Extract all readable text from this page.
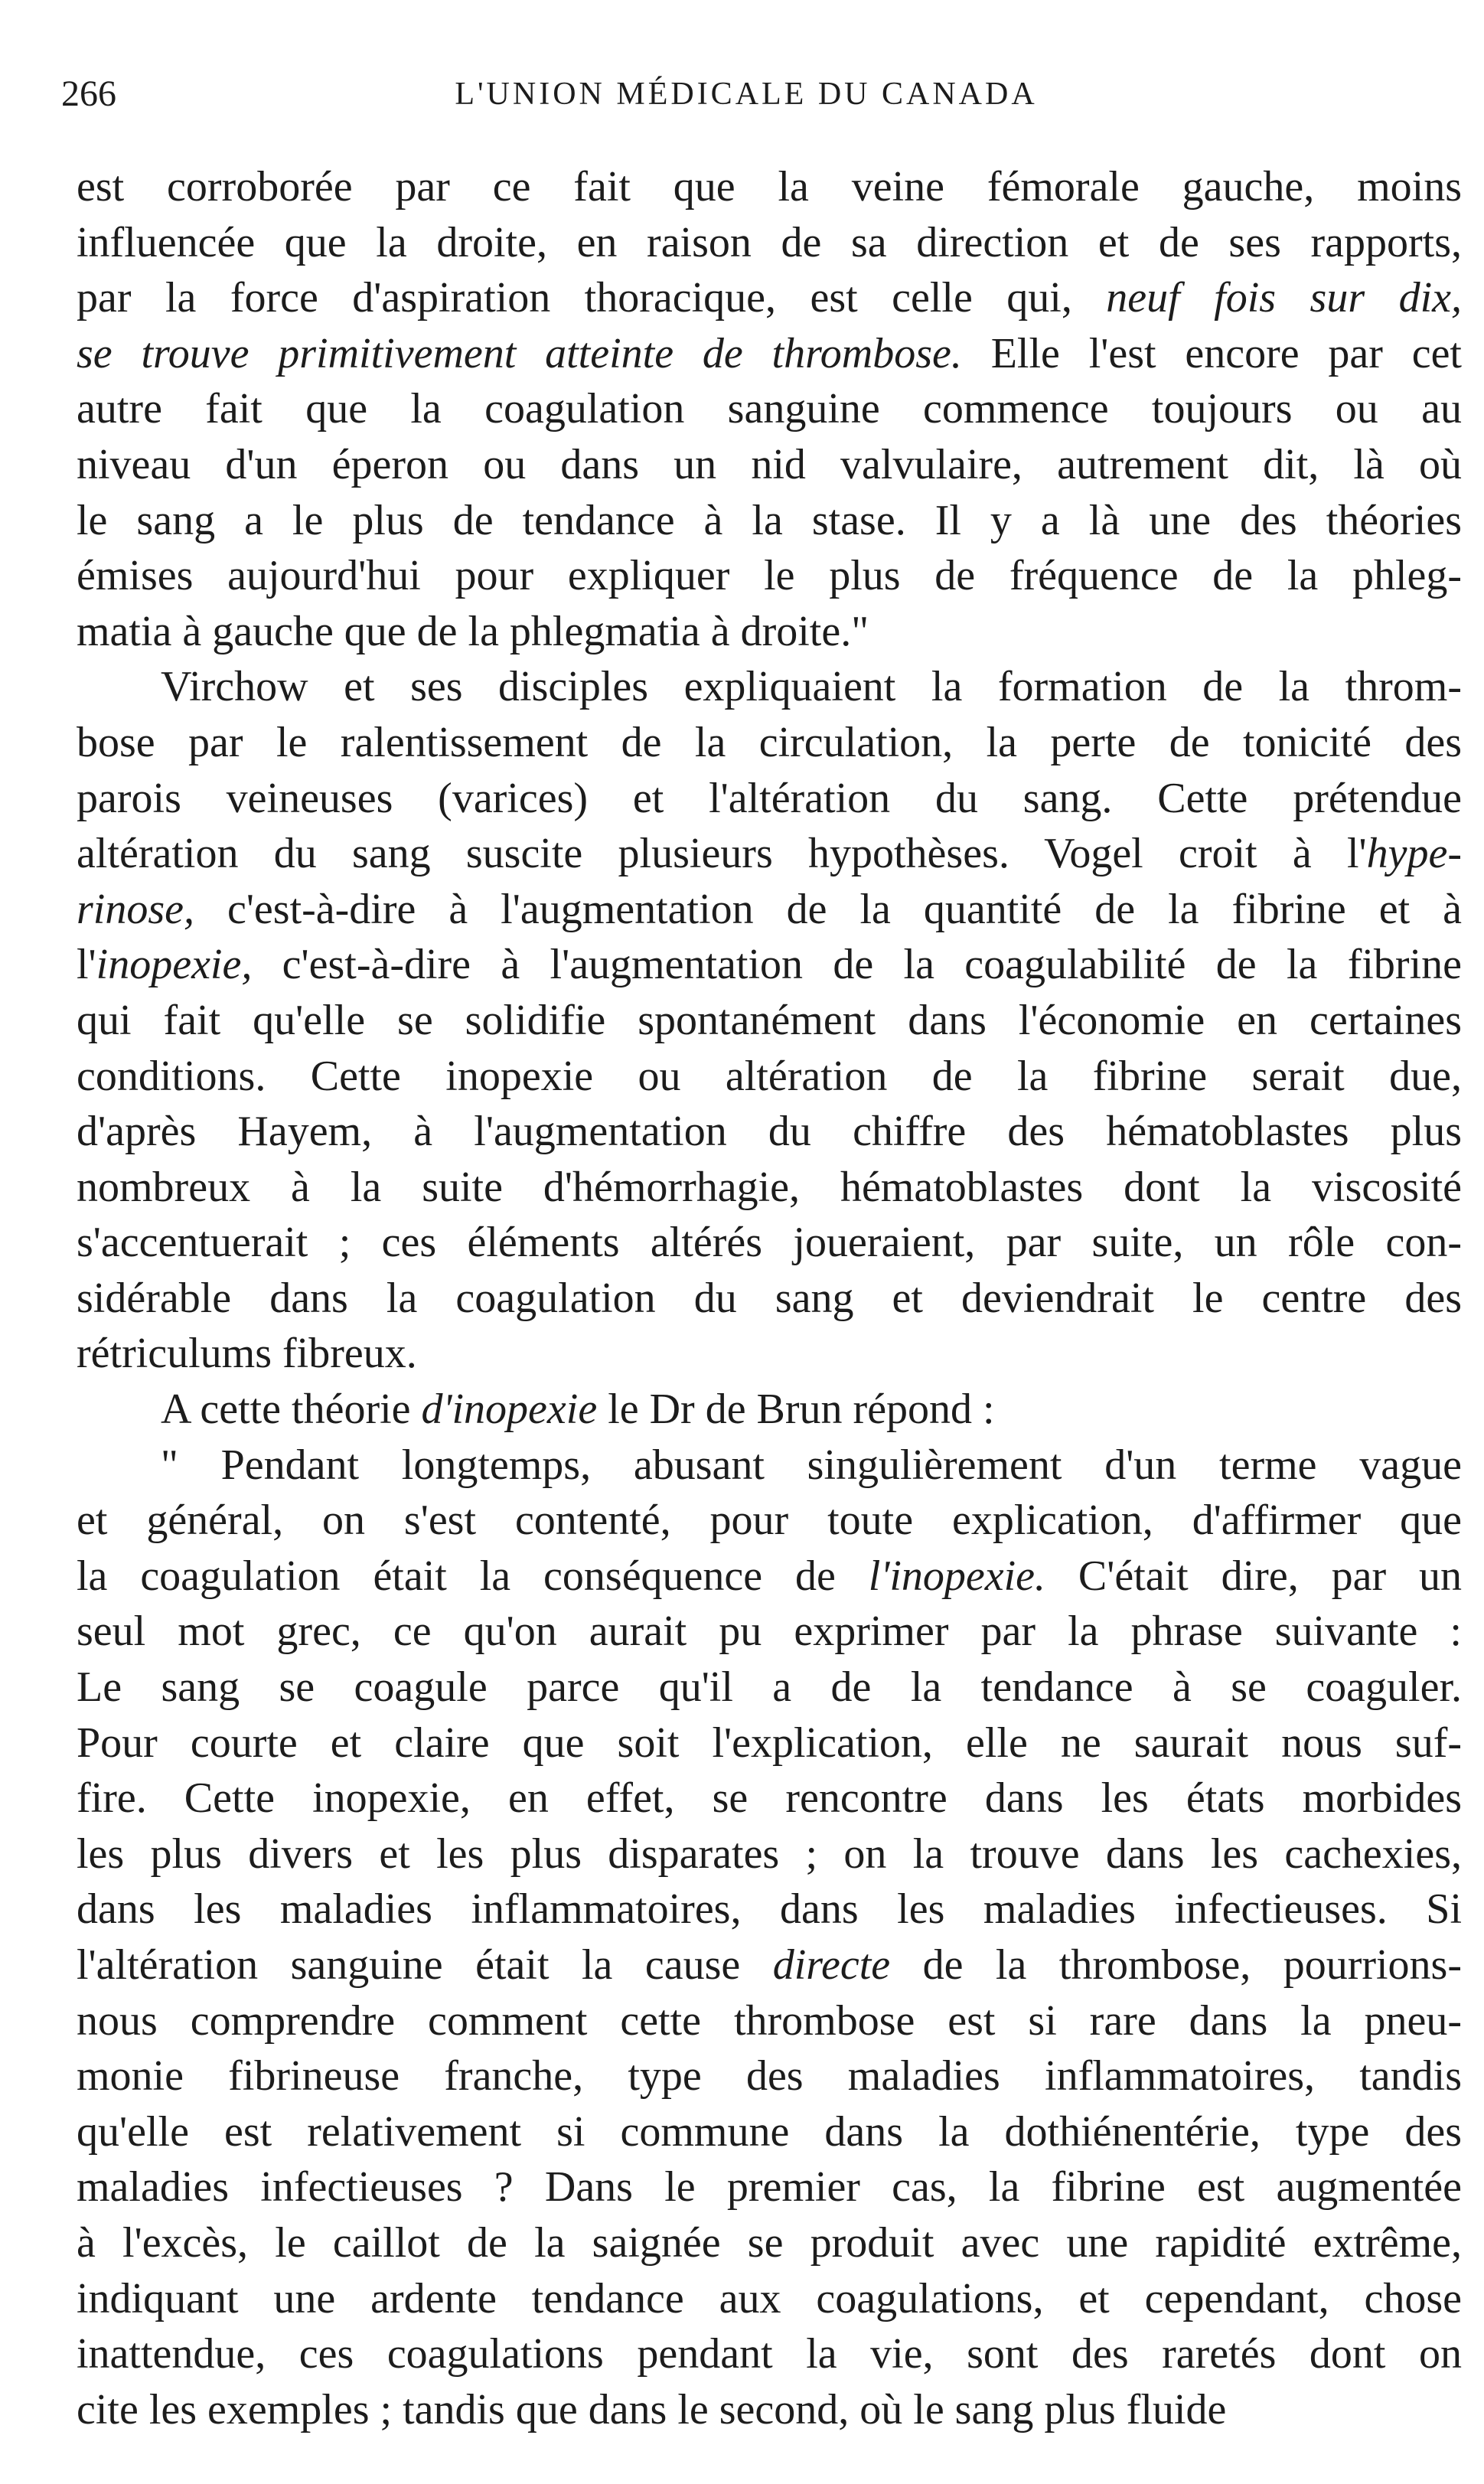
266	L'UNION MÉDICALE DU CANADA

est corroborée par ce fait que la veine fémorale gauche, moins
influencée que la droite, en raison de sa direction et de ses rapports,
par la force d'aspiration thoracique, est celle qui, neuf fois sur dix,
se trouve primitivement atteinte de thrombose. Elle l'est encore par cet
autre fait que la coagulation sanguine commence toujours ou au
niveau d'un éperon ou dans un nid valvulaire, autrement dit, là où
le sang a le plus de tendance à la stase. Il y a là une des théories
émises aujourd'hui pour expliquer le plus de fréquence de la phleg-
matia à gauche que de la phlegmatia à droite."

Virchow et ses disciples expliquaient la formation de la throm-
bose par le ralentissement de la circulation, la perte de tonicité des
parois veineuses (varices) et l'altération du sang. Cette prétendue
altération du sang suscite plusieurs hypothèses. Vogel croit à l'hype-
rinose, c'est-à-dire à l'augmentation de la quantité de la fibrine et à
l'inopexie, c'est-à-dire à l'augmentation de la coagulabilité de la fibrine
qui fait qu'elle se solidifie spontanément dans l'économie en certaines
conditions. Cette inopexie ou altération de la fibrine serait due,
d'après Hayem, à l'augmentation du chiffre des hématoblastes plus
nombreux à la suite d'hémorrhagie, hématoblastes dont la viscosité
s'accentuerait ; ces éléments altérés joueraient, par suite, un rôle con-
sidérable dans la coagulation du sang et deviendrait le centre des
rétriculums fibreux.

A cette théorie d'inopexie le Dr de Brun répond :

" Pendant longtemps, abusant singulièrement d'un terme vague
et général, on s'est contenté, pour toute explication, d'affirmer que
la coagulation était la conséquence de l'inopexie. C'était dire, par un
seul mot grec, ce qu'on aurait pu exprimer par la phrase suivante :
Le sang se coagule parce qu'il a de la tendance à se coaguler.
Pour courte et claire que soit l'explication, elle ne saurait nous suf-
fire. Cette inopexie, en effet, se rencontre dans les états morbides
les plus divers et les plus disparates ; on la trouve dans les cachexies,
dans les maladies inflammatoires, dans les maladies infectieuses. Si
l'altération sanguine était la cause directe de la thrombose, pourrions-
nous comprendre comment cette thrombose est si rare dans la pneu-
monie fibrineuse franche, type des maladies inflammatoires, tandis
qu'elle est relativement si commune dans la dothiénentérie, type des
maladies infectieuses ? Dans le premier cas, la fibrine est augmentée
à l'excès, le caillot de la saignée se produit avec une rapidité extrême,
indiquant une ardente tendance aux coagulations, et cependant, chose
inattendue, ces coagulations pendant la vie, sont des raretés dont on
cite les exemples ; tandis que dans le second, où le sang plus fluide
